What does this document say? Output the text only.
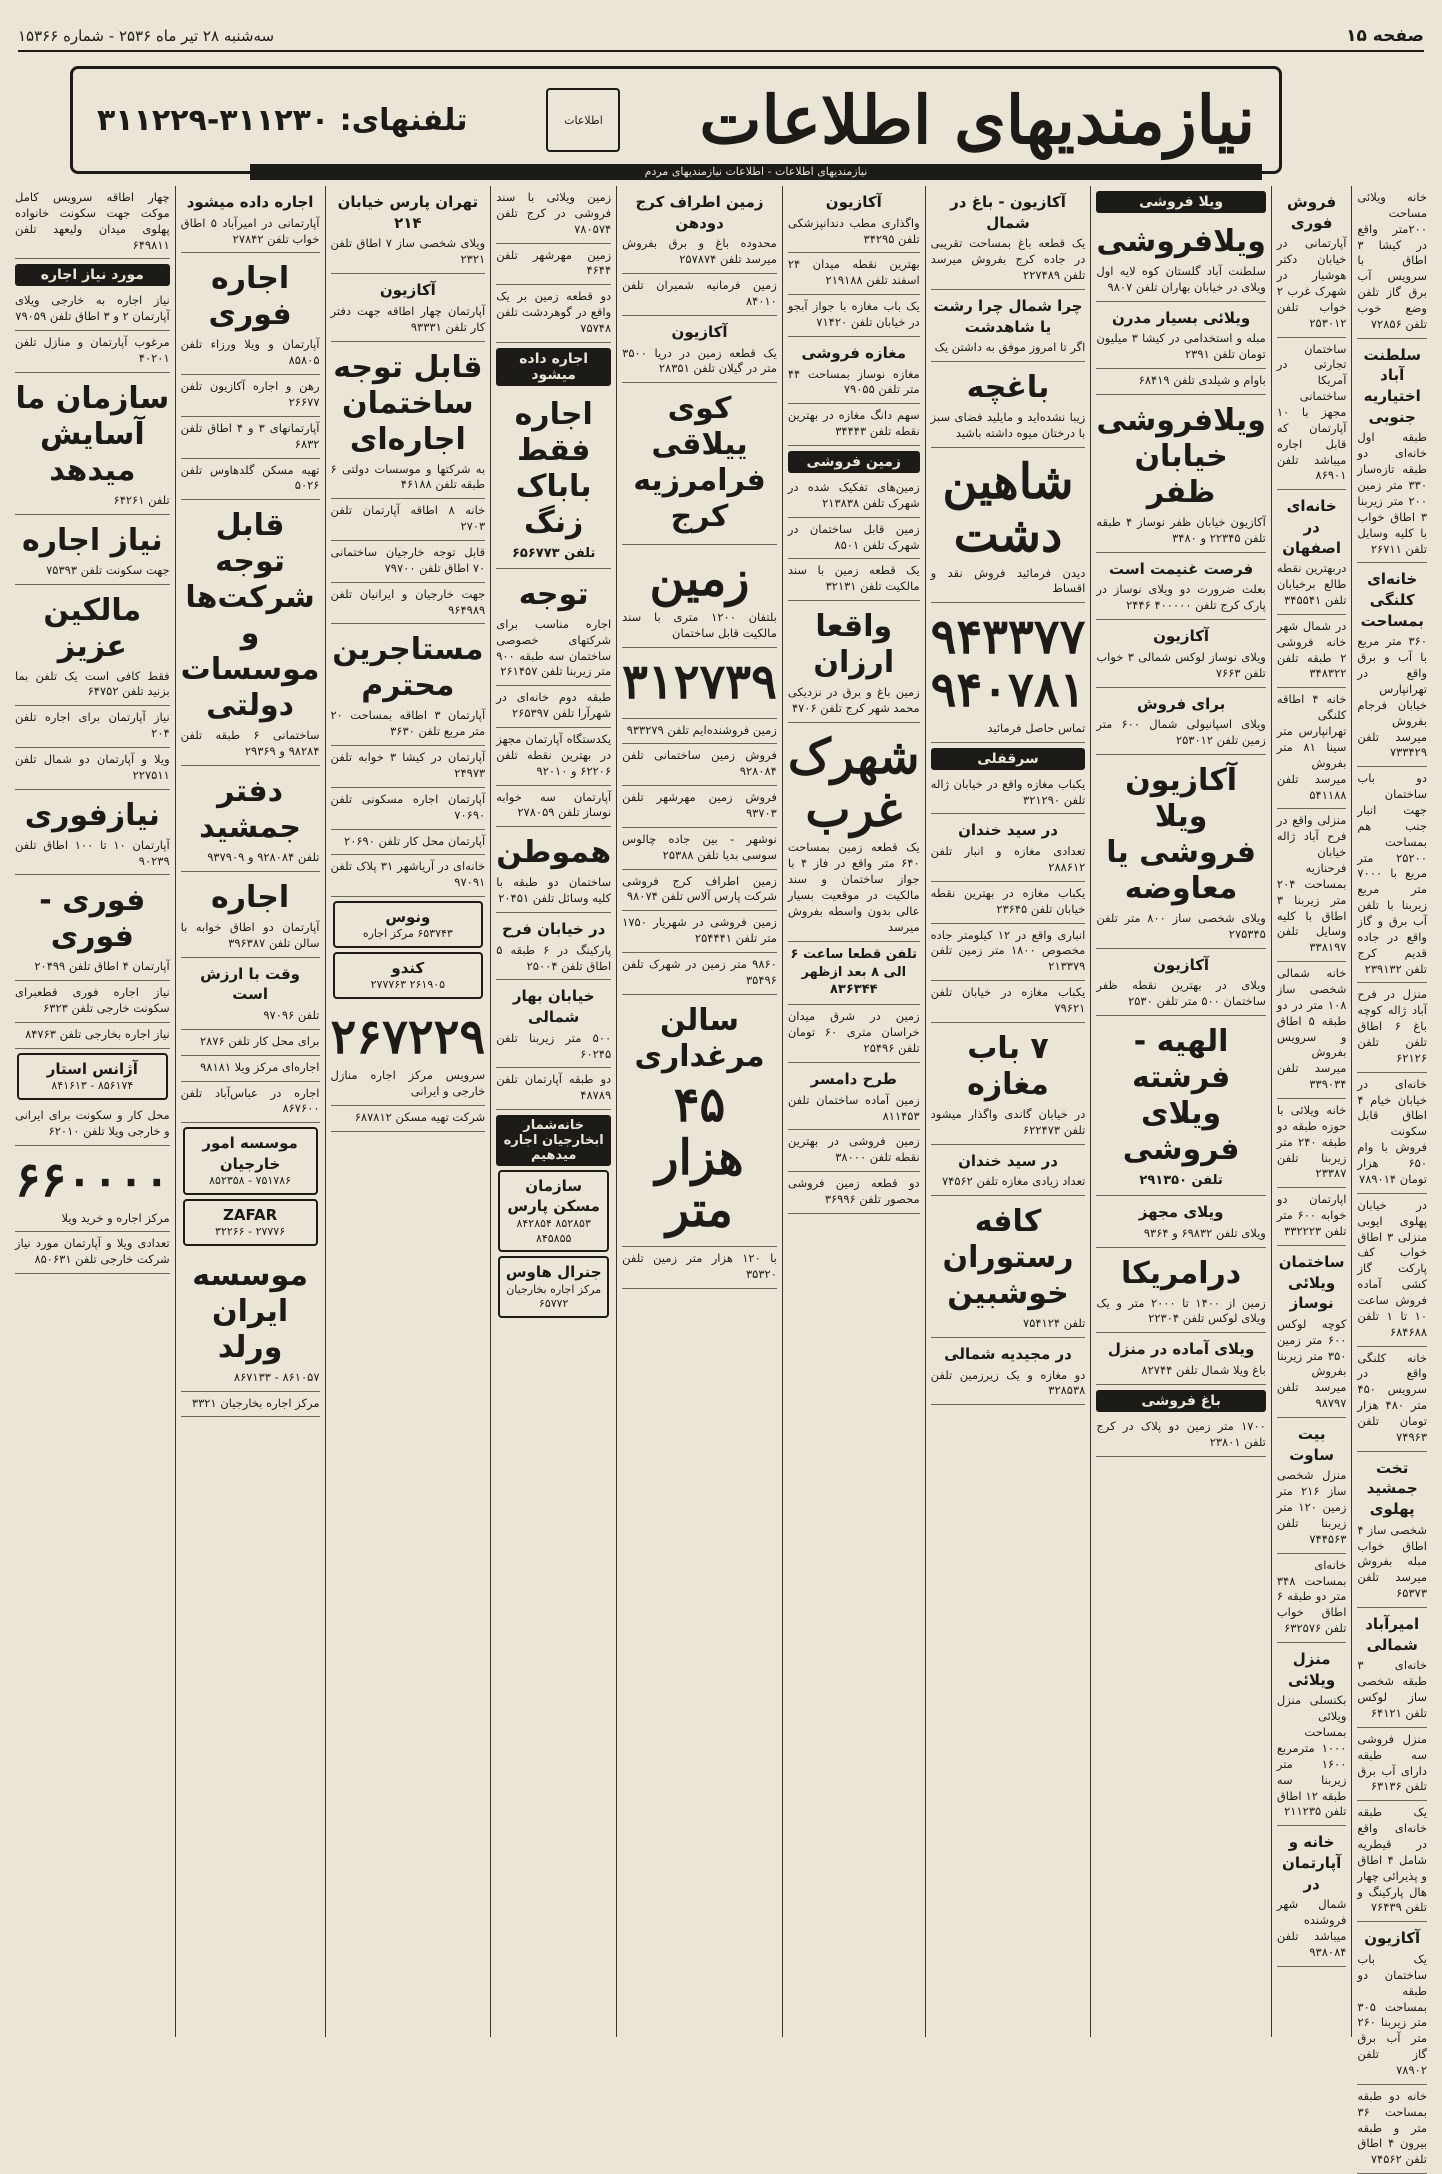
صفحه ۱۵
سه‌شنبه ۲۸ تیر ماه ۲۵۳۶ - شماره ۱۵۳۶۶
نیازمندیهای اطلاعات
اطلاعات
تلفنهای: ۳۱۱۲۳۰-۳۱۱۲۲۹
نیازمندیهای اطلاعات - اطلاعات نیازمندیهای مردم
خانه ویلائی مساحت ۲۰۰متر واقع در کیشا ۳ اطاق با سرویس آب برق گاز تلفن وضع خوب تلفن ۷۲۸۵۶
سلطنت آباد اختیاریه جنوبی
طبقه اول خانه‌ای دو طبقه تازه‌ساز ۳۳۰ متر زمین ۲۰۰ متر زیربنا ۳ اطاق خواب با کلیه وسایل تلفن ۲۶۷۱۱
خانه‌ای کلنگی بمساحت
۳۶۰ متر مربع با آب و برق واقع در تهرانپارس خیابان فرجام بفروش میرسد تلفن ۷۳۳۴۲۹
دو باب ساختمان جهت انبار جنب هم بمساحت ۲۵۲۰۰ متر مربع با ۷۰۰۰ متر مربع زیربنا با تلفن آب برق و گاز واقع در جاده قدیم کرج تلفن ۲۳۹۱۳۲
منزل در فرح آباد ژاله کوچه باغ ۶ اطاق تلفن تلفن ۶۲۱۲۶
خانه‌ای در خیابان خیام ۴ اطاق قابل سکونت فروش با وام ۶۵۰ هزار تومان ۷۸۹۰۱۴
در خیابان پهلوی ایوبی منزلی ۳ اطاق خواب کف پارکت گاز کشی آماده فروش ساعت ۱۰ تا ۱ تلفن ۶۸۴۶۸۸
خانه کلنگی واقع در سرویس ۴۵۰ متر ۴۸۰ هزار تومان تلفن ۷۴۹۶۳
تخت جمشید پهلوی
شخصی ساز ۴ اطاق خواب مبله بفروش میرسد تلفن ۶۵۳۷۳
امیرآباد شمالی
خانه‌ای ۳ طبقه شخصی ساز لوکس تلفن ۶۴۱۲۱
منزل فروشی سه طبقه دارای آب برق تلفن ۶۳۱۳۶
یک طبقه خانه‌ای واقع در قیطریه شامل ۴ اطاق و پذیرائی چهار هال پارکینگ و تلفن ۷۶۴۳۹
آکازیون
یک باب ساختمان دو طبقه بمساحت ۳۰۵ متر زیربنا ۲۶۰ متر آب برق گاز تلفن ۷۸۹۰۲
خانه دو طبقه بمساحت ۳۶ متر و طبقه بیرون ۴ اطاق تلفن ۷۴۵۶۲
فروش فوری
آپارتمانی در خیابان دکتر هوشیار در شهرک غرب ۲ خواب تلفن ۲۵۳۰۱۲
ساختمان تجارتی در آمریکا ساختمانی مجهز با ۱۰ آپارتمان که قابل اجاره میباشد تلفن ۸۶۹۰۱
خانه‌ای در اصفهان
دربهترین نقطه طالع برخیابان تلفن ۳۴۵۵۴۱
در شمال شهر خانه فروشی ۲ طبقه تلفن ۳۴۸۳۲۲
خانه ۴ اطاقه کلنگی تهرانپارس متر سینا ۸۱ متر بفروش میرسد تلفن ۵۴۱۱۸۸
منزلی واقع در فرح آباد ژاله خیابان فرحنازیه بمساحت ۲۰۴ متر زیربنا ۳ اطاق با کلیه وسایل تلفن ۳۳۸۱۹۷
خانه شمالی شخصی ساز ۱۰۸ متر در دو طبقه ۵ اطاق و سرویس بفروش میرسد تلفن ۳۳۹۰۳۴
خانه ویلائی با حوزه طبقه دو طبقه ۲۴۰ متر زیربنا تلفن ۲۳۳۸۷
اپارتمان دو خوابه ۶۰۰ متر تلفن ۳۳۲۲۲۳
ساختمان ویلائی نوساز
کوچه لوکس ۶۰۰ متر زمین ۳۵۰ متر زیربنا بفروش میرسد تلفن ۹۸۷۹۷
بیت ساوت
منزل شخصی ساز ۲۱۶ متر زمین ۱۲۰ متر زیربنا تلفن ۷۴۴۵۶۳
خانه‌ای بمساحت ۳۴۸ متر دو طبقه ۶ اطاق خواب تلفن ۶۳۲۵۷۶
منزل ویلائی
بکنسلی منزل ویلائی بمساحت ۱۰۰۰ مترمربع ۱۶۰۰ متر زیربنا سه طبقه ۱۲ اطاق تلفن ۲۱۱۲۳۵
خانه و آپارتمان در
شمال شهر فروشنده میباشد تلفن ۹۳۸۰۸۴
ویلا فروشی
ویلافروشی
سلطنت آباد گلستان کوه لایه اول ویلای در خیابان بهاران تلفن ۹۸۰۷
ویلائی بسیار مدرن
مبله و استخدامی در کیشا ۳ میلیون تومان تلفن ۲۳۹۱
باوام و شیلدی تلفن ۶۸۴۱۹
ویلافروشی خیابان ظفر
آکازیون خیابان ظفر نوساز ۴ طبقه تلفن ۲۲۳۴۵ و ۳۴۸۰
فرصت غنیمت است
بعلت ضرورت دو ویلای نوساز در پارک کرج تلفن ۴۰۰۰۰۰ ۲۴۴۶
آکازیون
ویلای نوساز لوکس شمالی ۳ خواب تلفن ۷۶۶۳
برای فروش
ویلای اسپانیولی شمال ۶۰۰ متر زمین تلفن ۲۵۳۰۱۲
آکازیون ویلا فروشی یا معاوضه
ویلای شخصی ساز ۸۰۰ متر تلفن ۲۷۵۳۴۵
آکازیون
ویلای در بهترین نقطه ظفر ساختمان ۵۰۰ متر تلفن ۲۵۳۰
الهیه - فرشته ویلای فروشی
تلفن ۲۹۱۳۵۰
ویلای مجهز
ویلای تلفن ۶۹۸۳۲ و ۹۳۶۴
درامریکا
زمین از ۱۴۰۰ تا ۲۰۰۰ متر و یک ویلای لوکس تلفن ۲۲۳۰۴
ویلای آماده در منزل
باغ ویلا شمال تلفن ۸۲۷۴۴
باغ فروشی
۱۷۰۰ متر زمین دو پلاک در کرج تلفن ۲۳۸۰۱
آکازیون - باغ در شمال
یک قطعه باغ بمساحت تقریبی در جاده کرج بفروش میرسد تلفن ۲۲۷۴۸۹
چرا شمال چرا رشت یا شاهدشت
اگر تا امروز موفق به داشتن یک
باغچه
زیبا نشده‌اید و مایلید فضای سبز با درختان میوه داشته باشید
شاهین دشت
دیدن فرمائید فروش نقد و اقساط
۹۴۳۳۷۷ ۹۴۰۷۸۱
تماس حاصل فرمائید
سرقفلی
یکباب مغازه واقع در خیابان ژاله تلفن ۳۲۱۲۹۰
در سید خندان
تعدادی مغازه و انبار تلفن ۲۸۸۶۱۲
یکباب مغازه در بهترین نقطه خیابان تلفن ۲۳۶۴۵
انباری واقع در ۱۲ کیلومتر جاده مخصوص ۱۸۰۰ متر زمین تلفن ۲۱۳۳۷۹
یکباب مغازه در خیابان تلفن ۷۹۶۲۱
۷ باب مغازه
در خیابان گاندی واگذار میشود تلفن ۶۲۲۴۷۳
در سید خندان
تعداد زیادی مغازه تلفن ۷۴۵۶۲
کافه رستوران خوشبین
تلفن ۷۵۴۱۲۴
در مجیدیه شمالی
دو مغازه و یک زیرزمین تلفن ۳۲۸۵۳۸
آکازیون
واگذاری مطب دندانپزشکی تلفن ۳۴۲۹۵
بهترین نقطه میدان ۲۴ اسفند تلفن ۲۱۹۱۸۸
یک باب مغازه با جواز آبجو در خیابان تلفن ۷۱۴۲۰
مغازه فروشی
مغازه نوساز بمساحت ۴۴ متر تلفن ۷۹۰۵۵
سهم دانگ مغازه در بهترین نقطه تلفن ۳۴۴۴۳
زمین فروشی
زمین‌های تفکیک شده در شهرک تلفن ۲۱۳۸۳۸
زمین قابل ساختمان در شهرک تلفن ۸۵۰۱
یک قطعه زمین با سند مالکیت تلفن ۳۲۱۳۱
واقعا ارزان
زمین باغ و برق در نزدیکی محمد شهر کرج تلفن ۴۷۰۶
شهرک غرب
یک قطعه زمین بمساحت ۶۴۰ متر واقع در فاز ۴ با جواز ساختمان و سند مالکیت در موقعیت بسیار عالی بدون واسطه بفروش میرسد
تلفن قطعا ساعت ۶ الی ۸ بعد ازظهر ۸۳۶۳۴۴
زمین در شرق میدان خراسان متری ۶۰ تومان تلفن ۲۵۴۹۶
طرح دامسر
زمین آماده ساختمان تلفن ۸۱۱۴۵۳
زمین فروشی در بهترین نقطه تلفن ۳۸۰۰۰
دو قطعه زمین فروشی محصور تلفن ۳۶۹۹۶
زمین اطراف کرج دودهن
محدوده باغ و برق بفروش میرسد تلفن ۲۵۷۸۷۴
زمین فرمانیه شمیران تلفن ۸۴۰۱۰
آکازیون
یک قطعه زمین در دریا ۳۵۰۰ متر در گیلان تلفن ۲۸۳۵۱
کوی ییلاقی فرامرزیه کرج
زمین
بلتفان ۱۲۰۰ متری با سند مالکیت قابل ساختمان
۳۱۲۷۳۹
زمین فروشنده‌ایم تلفن ۹۳۳۲۷۹
فروش زمین ساختمانی تلفن ۹۲۸۰۸۴
فروش زمین مهرشهر تلفن ۹۳۷۰۳
نوشهر - بین جاده چالوس سوسی بدیا تلفن ۲۵۳۸۸
زمین اطراف کرج فروشی شرکت پارس آلاس تلفن ۹۸۰۷۴
زمین فروشی در شهریار ۱۷۵۰ متر تلفن ۲۵۴۴۴۱
۹۸۶۰ متر زمین در شهرک تلفن ۳۵۴۹۶
سالن مرغداری
۴۵ هزار متر
با ۱۲۰ هزار متر زمین تلفن ۳۵۳۲۰
زمین ویلائی با سند فروشی در کرج تلفن ۷۸۰۵۷۴
زمین مهرشهر تلفن ۴۶۴۴
دو قطعه زمین بر یک واقع در گوهردشت تلفن ۷۵۷۴۸
اجاره داده میشود
اجاره فقط باباک زنگ
تلفن ۶۵۶۷۷۳
توجه
اجاره مناسب برای شرکتهای خصوصی ساختمان سه طبقه ۹۰۰ متر زیربنا تلفن ۲۶۱۴۵۷
طبقه دوم خانه‌ای در شهرآرا تلفن ۲۶۵۳۹۷
یکدستگاه آپارتمان مجهز در بهترین نقطه تلفن ۶۲۲۰۶ و ۹۲۰۱۰
آپارتمان سه خوابه نوساز تلفن ۲۷۸۰۵۹
هموطن
ساختمان دو طبقه با کلیه وسائل تلفن ۲۰۴۵۱
در خیابان فرح
پارکینگ در ۶ طبقه ۵ اطاق تلفن ۲۵۰۰۴
خیابان بهار شمالی
۵۰۰ متر زیربنا تلفن ۶۰۲۴۵
دو طبقه آپارتمان تلفن ۴۸۷۸۹
خانه‌شمار ابخارجیان اجاره میدهیم
سازمان مسکن پارس
۸۵۲۸۵۳ ۸۴۲۸۵۴ ۸۴۵۸۵۵
جنرال هاوس
مرکز اجاره بخارجیان ۶۵۷۷۲
تهران پارس خیابان ۲۱۴
ویلای شخصی ساز ۷ اطاق تلفن ۲۳۲۱
آکازیون
آپارتمان چهار اطاقه جهت دفتر کار تلفن ۹۳۳۳۱
قابل توجه ساختمان اجاره‌ای
به شرکتها و موسسات دولتی ۶ طبقه تلفن ۴۶۱۸۸
خانه ۸ اطاقه آپارتمان تلفن ۲۷۰۳
قابل توجه خارجیان ساختمانی ۷۰ اطاق تلفن ۷۹۷۰۰
جهت خارجیان و ایرانیان تلفن ۹۶۴۹۸۹
مستاجرین محترم
آپارتمان ۳ اطاقه بمساحت ۲۰ متر مربع تلفن ۳۶۳۰
آپارتمان در کیشا ۳ خوابه تلفن ۲۴۹۷۳
آپارتمان اجاره مسکونی تلفن ۷۰۶۹۰
آپارتمان محل کار تلفن ۲۰۶۹۰
خانه‌ای در آریاشهر ۳۱ پلاک تلفن ۹۷۰۹۱
ونوس
۶۵۳۷۴۳ مرکز اجاره
کندو
۲۶۱۹۰۵ ۲۷۷۷۶۳
۲۶۷۲۲۹
سرویس مرکز اجاره منازل خارجی و ایرانی
شرکت تهیه مسکن ۶۸۷۸۱۲
اجاره داده میشود
آپارتمانی در امیرآباد ۵ اطاق خواب تلفن ۲۷۸۴۲
اجاره فوری
آپارتمان و ویلا ورزاء تلفن ۸۵۸۰۵
رهن و اجاره آکازیون تلفن ۲۶۶۷۷
آپارتمانهای ۳ و ۴ اطاق تلفن ۶۸۳۲
تهیه مسکن گلدهاوس تلفن ۵۰۲۶
قابل توجه شرکت‌ها و موسسات دولتی
ساختمانی ۶ طبقه تلفن ۹۸۲۸۴ و ۲۹۳۶۹
دفتر جمشید
تلفن ۹۲۸۰۸۴ و ۹۳۷۹۰۹
اجاره
آپارتمان دو اطاق خوابه با سالن تلفن ۳۹۶۳۸۷
وقت با ارزش است
تلفن ۹۷۰۹۶
برای محل کار تلفن ۲۸۷۶
اجاره‌ای مرکز ویلا ۹۸۱۸۱
اجاره در عباس‌آباد تلفن ۸۶۷۶۰۰
موسسه امور خارجیان
۷۵۱۷۸۶ - ۸۵۲۳۵۸
ZAFAR
۲۷۷۷۶ - ۳۲۲۶۶
موسسه ایران ورلد
۸۶۱۰۵۷ - ۸۶۷۱۳۳
مرکز اجاره بخارجیان ۳۳۲۱
چهار اطاقه سرویس کامل موکت جهت سکونت خانواده پهلوی میدان ولیعهد تلفن ۶۴۹۸۱۱
مورد نیاز اجاره
نیاز اجاره به خارجی ویلای آپارتمان ۲ و ۳ اطاق تلفن ۷۹۰۵۹
مرغوب آپارتمان و منازل تلفن ۴۰۲۰۱
سازمان ما آسایش میدهد
تلفن ۶۴۲۶۱
نیاز اجاره
جهت سکونت تلفن ۷۵۳۹۳
مالکین عزیز
فقط کافی است یک تلفن بما بزنید تلفن ۶۴۷۵۲
نیاز آپارتمان برای اجاره تلفن ۲۰۴
ویلا و آپارتمان دو شمال تلفن ۲۲۷۵۱۱
نیازفوری
آپارتمان ۱۰ تا ۱۰۰ اطاق تلفن ۹۰۲۳۹
فوری - فوری
آپارتمان ۴ اطاق تلفن ۲۰۴۹۹
نیاز اجاره فوری قطعبرای سکونت خارجی تلفن ۶۳۲۳
نیاز اجاره بخارجی تلفن ۸۴۷۶۳
آژانس استار
۸۵۶۱۷۴ - ۸۴۱۶۱۳
محل کار و سکونت برای ایرانی و خارجی ویلا تلفن ۶۲۰۱۰
۶۶۰۰۰۰
مرکز اجاره و خرید ویلا
تعدادی ویلا و آپارتمان مورد نیاز شرکت خارجی تلفن ۸۵۰۶۳۱
